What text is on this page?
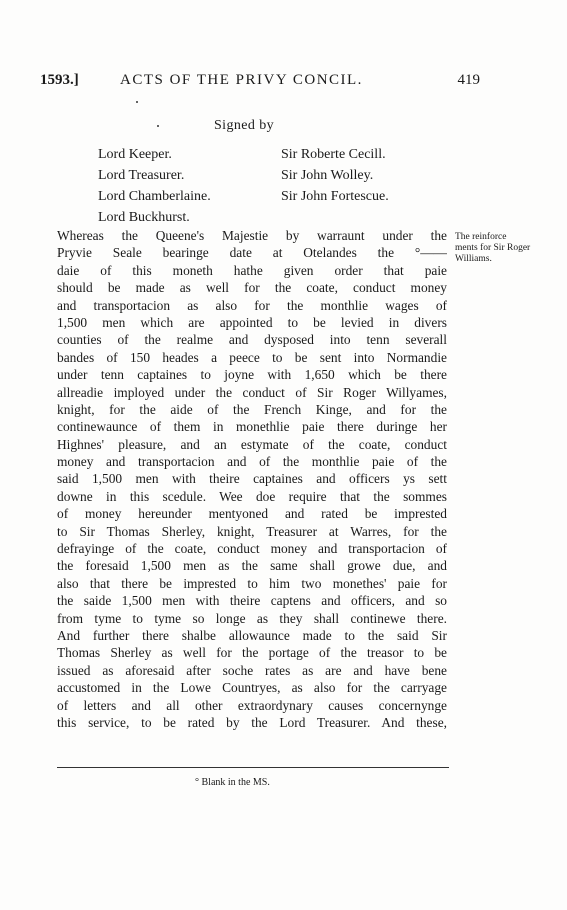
1593.]	ACTS OF THE PRIVY CONCIL.	419
Signed by
Lord Keeper.
Lord Treasurer.
Lord Chamberlaine.
Lord Buckhurst.
Sir Roberte Cecill.
Sir John Wolley.
Sir John Fortescue.
Whereas the Queene's Majestie by warraunt under the
Pryvie Seale bearinge date at Otelandes the °——
daie of this moneth hathe given order that paie
should be made as well for the coate, conduct money
and transportacion as also for the monthlie wages of
1,500 men which are appointed to be levied in divers
counties of the realme and dysposed into tenn severall
bandes of 150 heades a peece to be sent into Normandie
under tenn captaines to joyne with 1,650 which be there
allreadie imployed under the conduct of Sir Roger Willyames,
knight, for the aide of the French Kinge, and for the
continewaunce of them in monethlie paie there duringe her
Highnes' pleasure, and an estymate of the coate, conduct
money and transportacion and of the monthlie paie of the
said 1,500 men with theire captaines and officers ys sett
downe in this scedule. Wee doe require that the sommes
of money hereunder mentyoned and rated be imprested
to Sir Thomas Sherley, knight, Treasurer at Warres, for the
defrayinge of the coate, conduct money and transportacion of
the foresaid 1,500 men as the same shall growe due, and
also that there be imprested to him two monethes' paie for
the saide 1,500 men with theire captens and officers, and so
from tyme to tyme so longe as they shall continewe there.
And further there shalbe allowaunce made to the said Sir
Thomas Sherley as well for the portage of the treasor to be
issued as aforesaid after soche rates as are and have bene
accustomed in the Lowe Countryes, as also for the carryage
of letters and all other extraordynary causes concernynge
this service, to be rated by the Lord Treasurer. And these,
The reinforce ments for Sir Roger Williams.
° Blank in the MS.
